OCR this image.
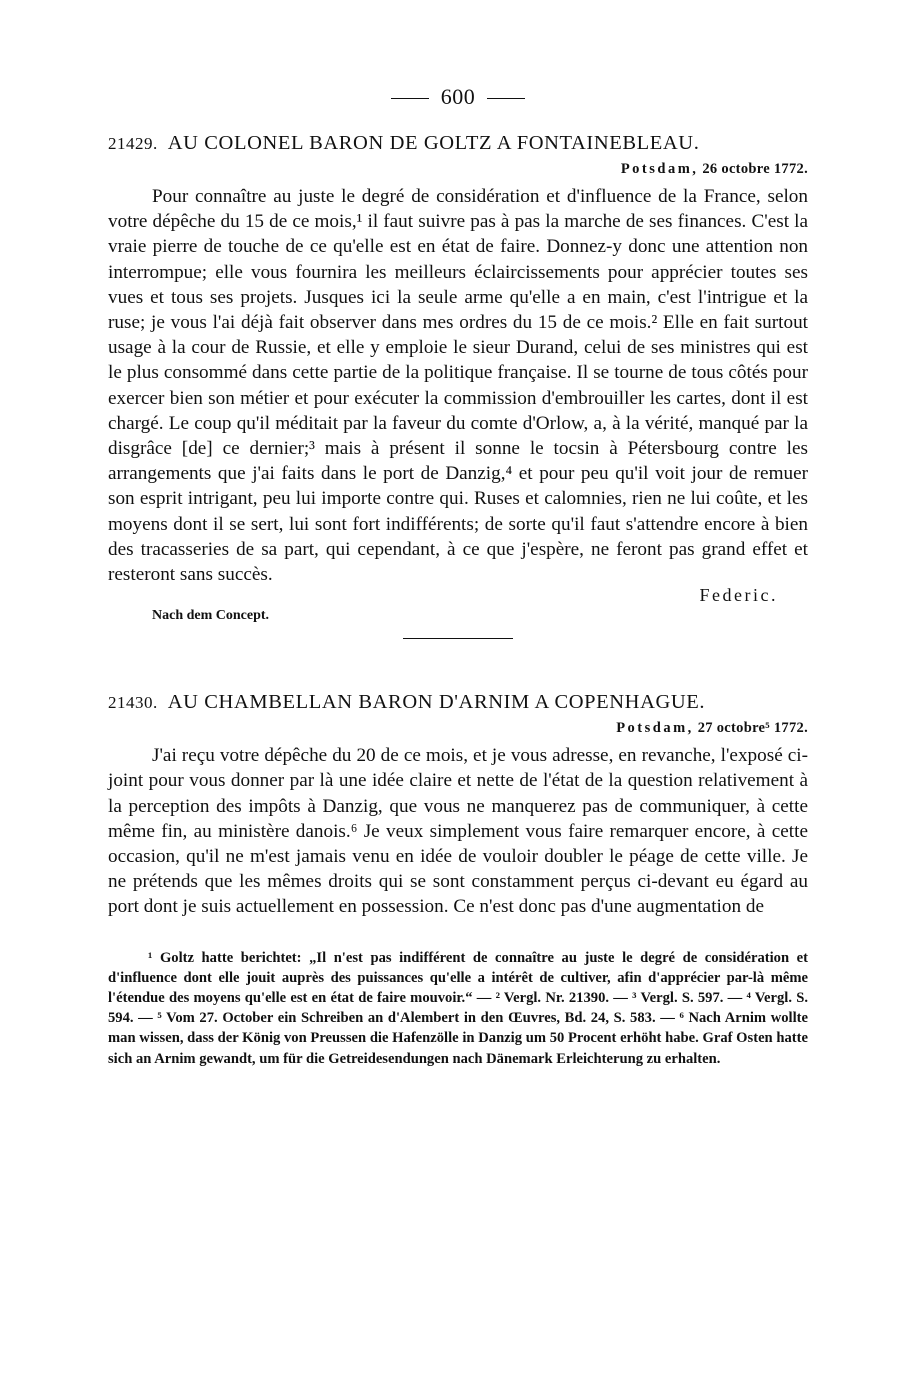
600
21429. AU COLONEL BARON DE GOLTZ A FONTAINEBLEAU.
Potsdam, 26 octobre 1772.

Pour connaître au juste le degré de considération et d'influence de la France, selon votre dépêche du 15 de ce mois,¹ il faut suivre pas à pas la marche de ses finances. C'est la vraie pierre de touche de ce qu'elle est en état de faire. Donnez-y donc une attention non interrompue; elle vous fournira les meilleurs éclaircissements pour apprécier toutes ses vues et tous ses projets. Jusques ici la seule arme qu'elle a en main, c'est l'intrigue et la ruse; je vous l'ai déjà fait observer dans mes ordres du 15 de ce mois.² Elle en fait surtout usage à la cour de Russie, et elle y emploie le sieur Durand, celui de ses ministres qui est le plus consommé dans cette partie de la politique française. Il se tourne de tous côtés pour exercer bien son métier et pour exécuter la commission d'embrouiller les cartes, dont il est chargé. Le coup qu'il méditait par la faveur du comte d'Orlow, a, à la vérité, manqué par la disgrâce [de] ce dernier;³ mais à présent il sonne le tocsin à Pétersbourg contre les arrangements que j'ai faits dans le port de Danzig,⁴ et pour peu qu'il voit jour de remuer son esprit intrigant, peu lui importe contre qui. Ruses et calomnies, rien ne lui coûte, et les moyens dont il se sert, lui sont fort indifférents; de sorte qu'il faut s'attendre encore à bien des tracasseries de sa part, qui cependant, à ce que j'espère, ne feront pas grand effet et resteront sans succès.

Federic.
Nach dem Concept.
21430. AU CHAMBELLAN BARON D'ARNIM A COPENHAGUE.
Potsdam, 27 octobre⁵ 1772.

J'ai reçu votre dépêche du 20 de ce mois, et je vous adresse, en revanche, l'exposé ci-joint pour vous donner par là une idée claire et nette de l'état de la question relativement à la perception des impôts à Danzig, que vous ne manquerez pas de communiquer, à cette même fin, au ministère danois.⁶ Je veux simplement vous faire remarquer encore, à cette occasion, qu'il ne m'est jamais venu en idée de vouloir doubler le péage de cette ville. Je ne prétends que les mêmes droits qui se sont constamment perçus ci-devant eu égard au port dont je suis actuellement en possession. Ce n'est donc pas d'une augmentation de

¹ Goltz hatte berichtet: „Il n'est pas indifférent de connaître au juste le degré de considération et d'influence dont elle jouit auprès des puissances qu'elle a intérêt de cultiver, afin d'apprécier par-là même l'étendue des moyens qu'elle est en état de faire mouvoir.“ — ² Vergl. Nr. 21390. — ³ Vergl. S. 597. — ⁴ Vergl. S. 594. — ⁵ Vom 27. October ein Schreiben an d'Alembert in den Œuvres, Bd. 24, S. 583. — ⁶ Nach Arnim wollte man wissen, dass der König von Preussen die Hafenzölle in Danzig um 50 Procent erhöht habe. Graf Osten hatte sich an Arnim gewandt, um für die Getreidesendungen nach Dänemark Erleichterung zu erhalten.
